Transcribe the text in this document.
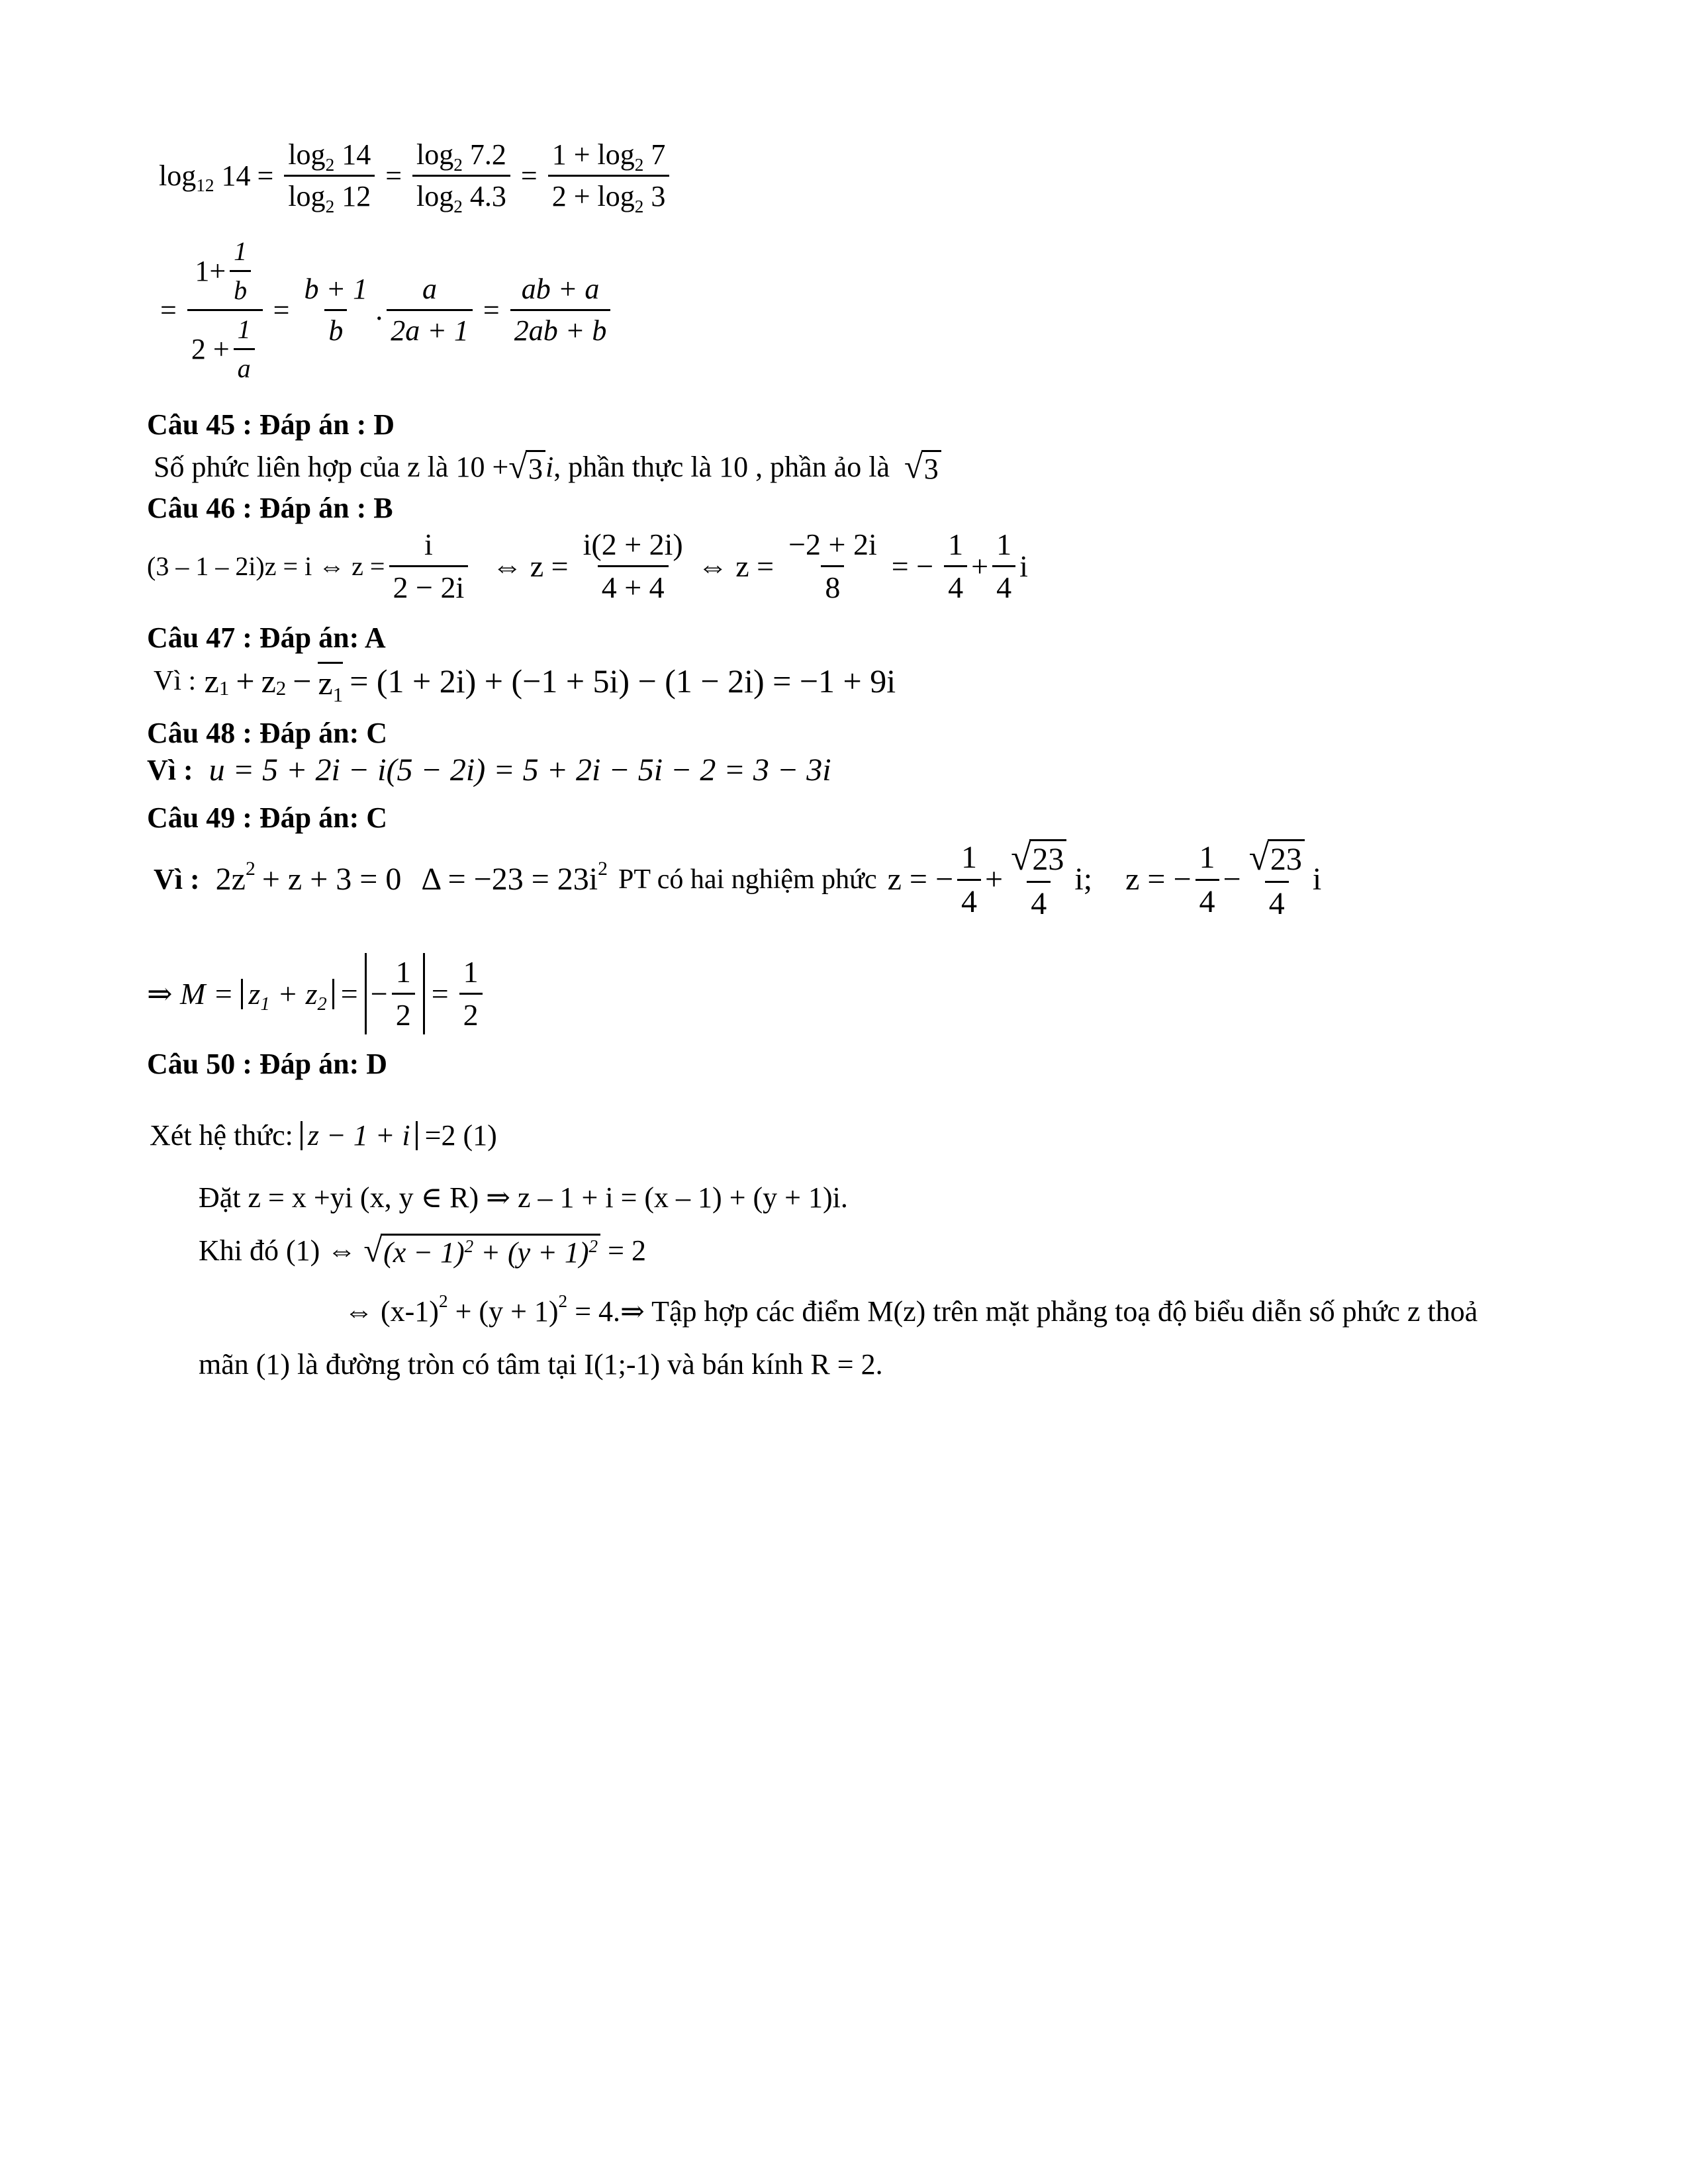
$\log_{12} 14 = \frac{\log_2 14}{\log_2 12} = \frac{\log_2 7.2}{\log_2 4.3} = \frac{1 + \log_2 7}{2 + \log_2 3}$
= $\frac{1+ \frac{1}{b}}{2 + \frac{1}{a}} = \frac{b + 1}{b}$ . $\frac{a}{2a + 1} = \frac{ab + a}{2ab + b}$
Câu 45 : Đáp án : D
Số phức liên hợp của z là
10 + √ 3 i , phần thực là 10 , phần ảo là
√ 3
Câu 46 : Đáp án : B
(3 – 1 – 2i)z = i ⇔ $z = \frac{i}{2 - 2i}$ ⇔ $z = \frac{i(2 + 2i)}{4 + 4}$ ⇔ $z = \frac{-2 + 2i}{8}$ = − $\frac{1}{4} + \frac{1}{4}$ i
Câu 47 : Đáp án: A
Vì :
z 1 + z $2 - z_1 = (1 + 2i) + (-1 + 5i) - (1 - 2i) = -1 + 9i$
Câu 48 : Đáp án: C
Vì :
u = 5 + 2i − i(5 − 2i) = 5 + 2i − 5i − 2 = 3 − 3i
Câu 49 : Đáp án: C
Vì :
2z 2 + z + 3 = 0 Δ = −23 = 23i 2 PT có hai nghiệm phức z = − $\frac{1}{4} + \frac{√ 23}{4} i$; z = − $\frac{1}{4} - \frac{√ 23}{4}$ i
⇒ M =
$z_1 + z_2$ = − $\frac{1}{2} = \frac{1}{2}$
Câu 50 : Đáp án: D
Xét hệ thức:
z − 1 + i
=2 (1)
Đặt z = x +yi (x, y ∈ R) ⇒ z – 1 + i = (x – 1) + (y + 1)i.
Khi đó (1) ⇔
√ $(x - 1)^2 + (y + 1)^2$
= 2
⇔ (x-1) 2 + (y + 1) 2 = 4.⇒ Tập hợp các điểm M(z) trên mặt phẳng toạ độ biểu diễn số phức z thoả
mãn (1) là đường tròn có tâm tại I(1;-1) và bán kính R = 2.
